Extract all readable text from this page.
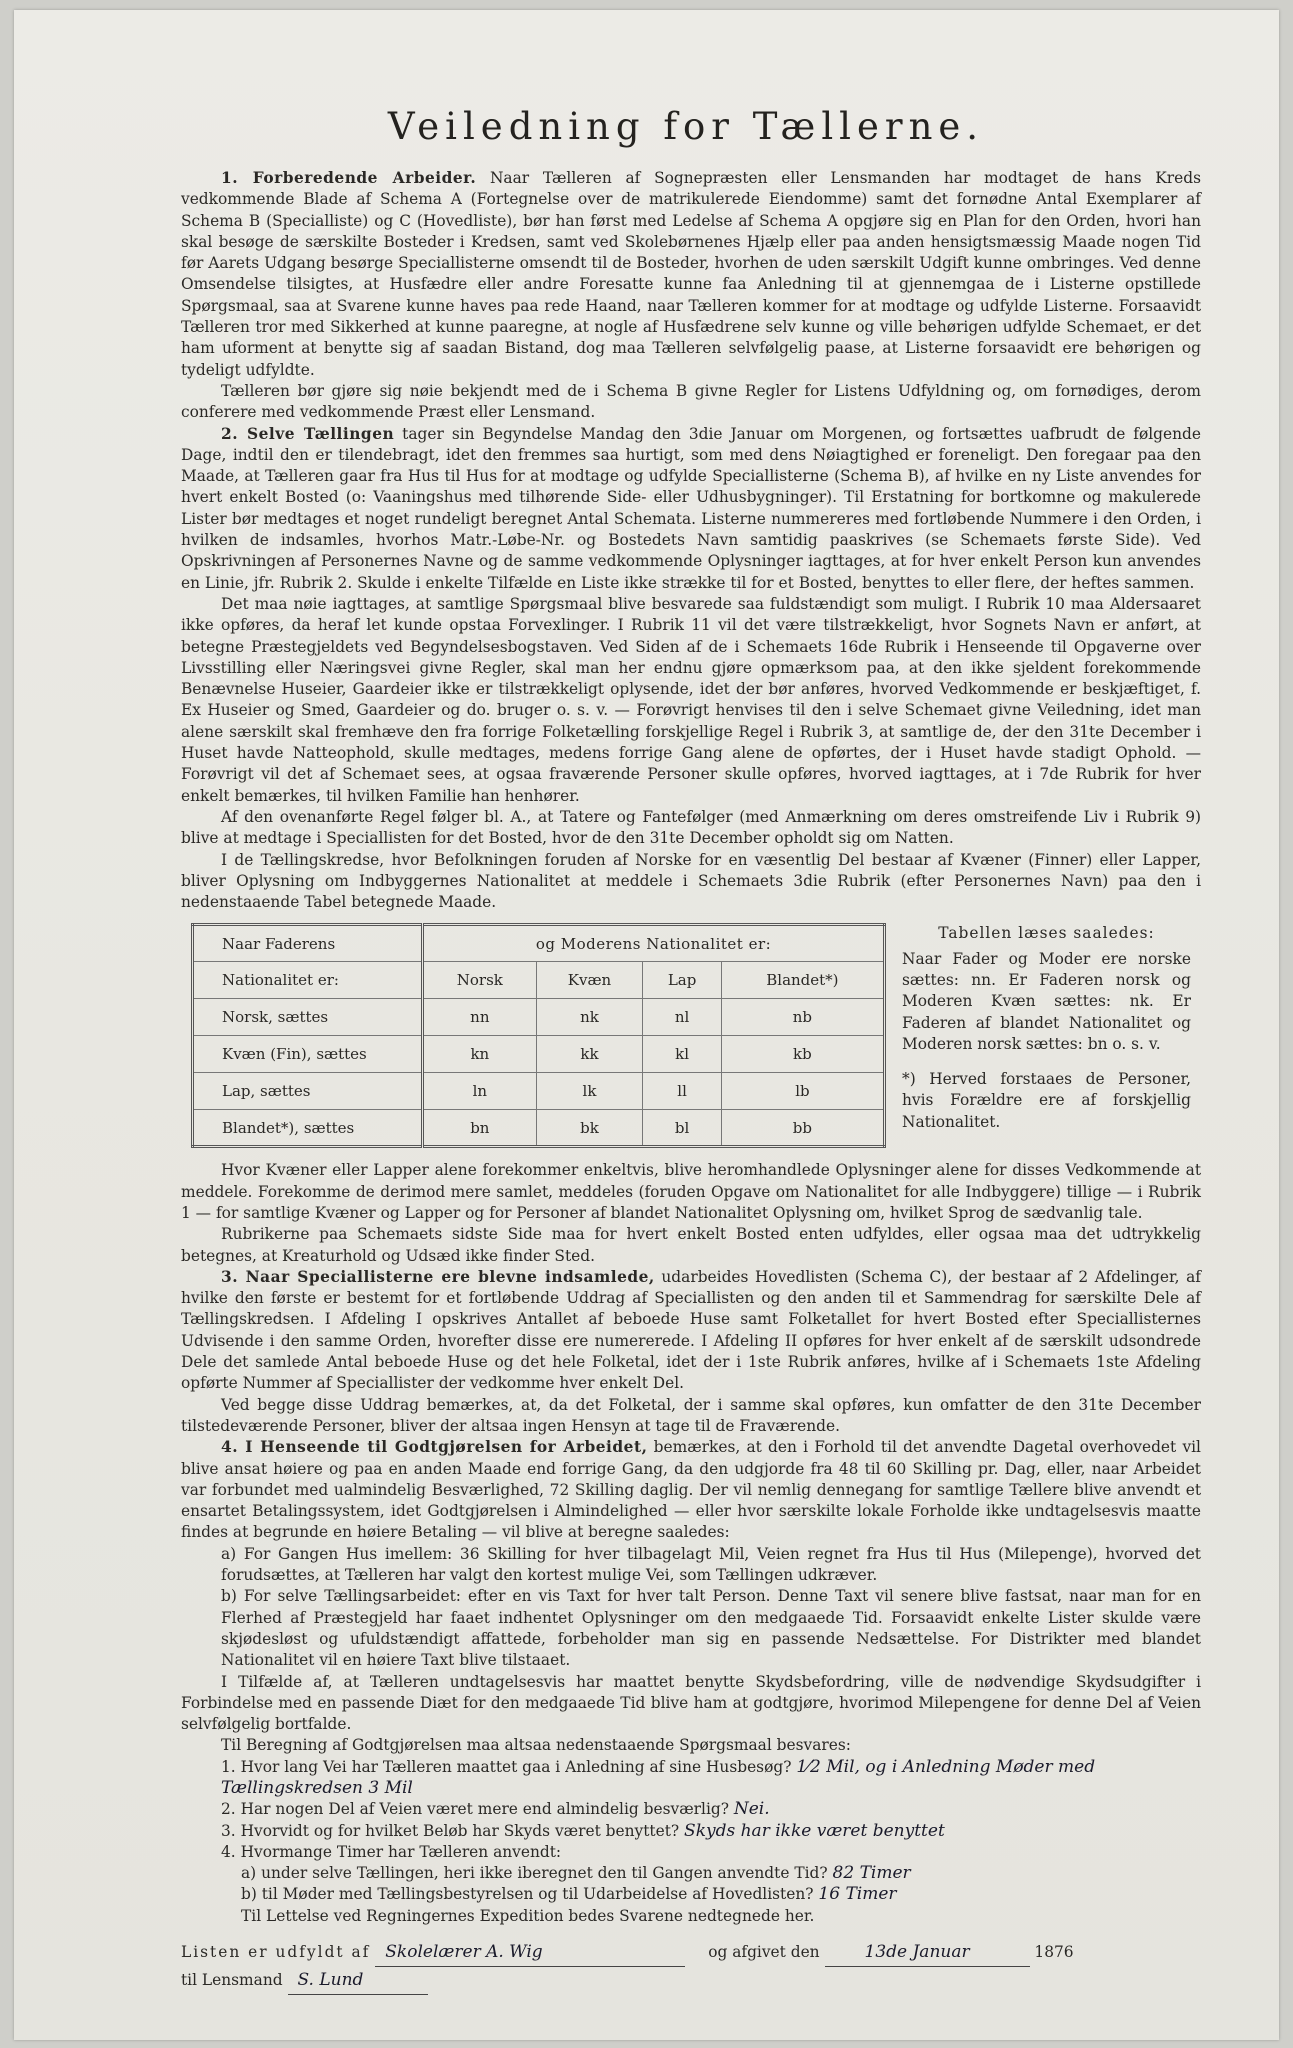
Veiledning for Tællerne.

1. Forberedende Arbeider. Naar Tælleren af Sognepræsten eller Lensmanden har modtaget de hans Kreds vedkommende Blade af Schema A (Fortegnelse over de matrikulerede Eiendomme) samt det fornødne Antal Exemplarer af Schema B (Specialliste) og C (Hovedliste), bør han først med Ledelse af Schema A opgjøre sig en Plan for den Orden, hvori han skal besøge de særskilte Bosteder i Kredsen, samt ved Skolebørnenes Hjælp eller paa anden hensigtsmæssig Maade nogen Tid før Aarets Udgang besørge Speciallisterne omsendt til de Bosteder, hvorhen de uden særskilt Udgift kunne ombringes. Ved denne Omsendelse tilsigtes, at Husfædre eller andre Foresatte kunne faa Anledning til at gjennemgaa de i Listerne opstillede Spørgsmaal, saa at Svarene kunne haves paa rede Haand, naar Tælleren kommer for at modtage og udfylde Listerne. Forsaavidt Tælleren tror med Sikkerhed at kunne paaregne, at nogle af Husfædrene selv kunne og ville behørigen udfylde Schemaet, er det ham uforment at benytte sig af saadan Bistand, dog maa Tælleren selvfølgelig paase, at Listerne forsaavidt ere behørigen og tydeligt udfyldte.

Tælleren bør gjøre sig nøie bekjendt med de i Schema B givne Regler for Listens Udfyldning og, om fornødiges, derom conferere med vedkommende Præst eller Lensmand.

2. Selve Tællingen tager sin Begyndelse Mandag den 3die Januar om Morgenen, og fortsættes uafbrudt de følgende Dage, indtil den er tilendebragt, idet den fremmes saa hurtigt, som med dens Nøiagtighed er foreneligt. Den foregaar paa den Maade, at Tælleren gaar fra Hus til Hus for at modtage og udfylde Speciallisterne (Schema B), af hvilke en ny Liste anvendes for hvert enkelt Bosted (o: Vaaningshus med tilhørende Side- eller Udhusbygninger). Til Erstatning for bortkomne og makulerede Lister bør medtages et noget rundeligt beregnet Antal Schemata. Listerne nummereres med fortløbende Nummere i den Orden, i hvilken de indsamles, hvorhos Matr.-Løbe-Nr. og Bostedets Navn samtidig paaskrives (se Schemaets første Side). Ved Opskrivningen af Personernes Navne og de samme vedkommende Oplysninger iagttages, at for hver enkelt Person kun anvendes en Linie, jfr. Rubrik 2. Skulde i enkelte Tilfælde en Liste ikke strække til for et Bosted, benyttes to eller flere, der heftes sammen.

Det maa nøie iagttages, at samtlige Spørgsmaal blive besvarede saa fuldstændigt som muligt. I Rubrik 10 maa Aldersaaret ikke opføres, da heraf let kunde opstaa Forvexlinger. I Rubrik 11 vil det være tilstrækkeligt, hvor Sognets Navn er anført, at betegne Præstegjeldets ved Begyndelsesbogstaven. Ved Siden af de i Schemaets 16de Rubrik i Henseende til Opgaverne over Livsstilling eller Næringsvei givne Regler, skal man her endnu gjøre opmærksom paa, at den ikke sjeldent forekommende Benævnelse Huseier, Gaardeier ikke er tilstrækkeligt oplysende, idet der bør anføres, hvorved Vedkommende er beskjæftiget, f. Ex Huseier og Smed, Gaardeier og do. bruger o. s. v. — Forøvrigt henvises til den i selve Schemaet givne Veiledning, idet man alene særskilt skal fremhæve den fra forrige Folketælling forskjellige Regel i Rubrik 3, at samtlige de, der den 31te December i Huset havde Natteophold, skulle medtages, medens forrige Gang alene de opførtes, der i Huset havde stadigt Ophold. — Forøvrigt vil det af Schemaet sees, at ogsaa fraværende Personer skulle opføres, hvorved iagttages, at i 7de Rubrik for hver enkelt bemærkes, til hvilken Familie han henhører.

Af den ovenanførte Regel følger bl. A., at Tatere og Fantefølger (med Anmærkning om deres omstreifende Liv i Rubrik 9) blive at medtage i Speciallisten for det Bosted, hvor de den 31te December opholdt sig om Natten.

I de Tællingskredse, hvor Befolkningen foruden af Norske for en væsentlig Del bestaar af Kvæner (Finner) eller Lapper, bliver Oplysning om Indbyggernes Nationalitet at meddele i Schemaets 3die Rubrik (efter Personernes Navn) paa den i nedenstaaende Tabel betegnede Maade.

Naar Faderens	og Moderens Nationalitet er:			
Nationalitet er:	Norsk	Kvæn	Lap	Blandet*)
Norsk, sættes	nn	nk	nl	nb
Kvæn (Fin), sættes	kn	kk	kl	kb
Lap, sættes	ln	lk	ll	lb
Blandet*), sættes	bn	bk	bl	bb
Tabellen læses saaledes:
Naar Fader og Moder ere norske sættes: nn. Er Faderen norsk og Moderen Kvæn sættes: nk. Er Faderen af blandet Nationalitet og Moderen norsk sættes: bn o. s. v.
*) Herved forstaaes de Personer, hvis Forældre ere af forskjellig Nationalitet.

Hvor Kvæner eller Lapper alene forekommer enkeltvis, blive heromhandlede Oplysninger alene for disses Vedkommende at meddele. Forekomme de derimod mere samlet, meddeles (foruden Opgave om Nationalitet for alle Indbyggere) tillige — i Rubrik 1 — for samtlige Kvæner og Lapper og for Personer af blandet Nationalitet Oplysning om, hvilket Sprog de sædvanlig tale.

Rubrikerne paa Schemaets sidste Side maa for hvert enkelt Bosted enten udfyldes, eller ogsaa maa det udtrykkelig betegnes, at Kreaturhold og Udsæd ikke finder Sted.

3. Naar Speciallisterne ere blevne indsamlede, udarbeides Hovedlisten (Schema C), der bestaar af 2 Afdelinger, af hvilke den første er bestemt for et fortløbende Uddrag af Speciallisten og den anden til et Sammendrag for særskilte Dele af Tællingskredsen. I Afdeling I opskrives Antallet af beboede Huse samt Folketallet for hvert Bosted efter Speciallisternes Udvisende i den samme Orden, hvorefter disse ere numererede. I Afdeling II opføres for hver enkelt af de særskilt udsondrede Dele det samlede Antal beboede Huse og det hele Folketal, idet der i 1ste Rubrik anføres, hvilke af i Schemaets 1ste Afdeling opførte Nummer af Speciallister der vedkomme hver enkelt Del.

Ved begge disse Uddrag bemærkes, at, da det Folketal, der i samme skal opføres, kun omfatter de den 31te December tilstedeværende Personer, bliver der altsaa ingen Hensyn at tage til de Fraværende.

4. I Henseende til Godtgjørelsen for Arbeidet, bemærkes, at den i Forhold til det anvendte Dagetal overhovedet vil blive ansat høiere og paa en anden Maade end forrige Gang, da den udgjorde fra 48 til 60 Skilling pr. Dag, eller, naar Arbeidet var forbundet med ualmindelig Besværlighed, 72 Skilling daglig. Der vil nemlig dennegang for samtlige Tællere blive anvendt et ensartet Betalingssystem, idet Godtgjørelsen i Almindelighed — eller hvor særskilte lokale Forholde ikke undtagelsesvis maatte findes at begrunde en høiere Betaling — vil blive at beregne saaledes:

a) For Gangen Hus imellem: 36 Skilling for hver tilbagelagt Mil, Veien regnet fra Hus til Hus (Milepenge), hvorved det forudsættes, at Tælleren har valgt den kortest mulige Vei, som Tællingen udkræver.

b) For selve Tællingsarbeidet: efter en vis Taxt for hver talt Person. Denne Taxt vil senere blive fastsat, naar man for en Flerhed af Præstegjeld har faaet indhentet Oplysninger om den medgaaede Tid. Forsaavidt enkelte Lister skulde være skjødesløst og ufuldstændigt affattede, forbeholder man sig en passende Nedsættelse. For Distrikter med blandet Nationalitet vil en høiere Taxt blive tilstaaet.

I Tilfælde af, at Tælleren undtagelsesvis har maattet benytte Skydsbefordring, ville de nødvendige Skydsudgifter i Forbindelse med en passende Diæt for den medgaaede Tid blive ham at godtgjøre, hvorimod Milepengene for denne Del af Veien selvfølgelig bortfalde.

Til Beregning af Godtgjørelsen maa altsaa nedenstaaende Spørgsmaal besvares:

1. Hvor lang Vei har Tælleren maattet gaa i Anledning af sine Husbesøg? 1⁄2 Mil, og i Anledning Møder med Tællingskredsen 3 Mil
2. Har nogen Del af Veien været mere end almindelig besværlig? Nei.
3. Hvorvidt og for hvilket Beløb har Skyds været benyttet? Skyds har ikke været benyttet
4. Hvormange Timer har Tælleren anvendt:
a) under selve Tællingen, heri ikke iberegnet den til Gangen anvendte Tid? 82 Timer
b) til Møder med Tællingsbestyrelsen og til Udarbeidelse af Hovedlisten? 16 Timer
Til Lettelse ved Regningernes Expedition bedes Svarene nedtegnede her.
Listen er udfyldt af Skolelærer A. Wig	og afgivet den	13de Januar	1876
til Lensmand S. Lund
